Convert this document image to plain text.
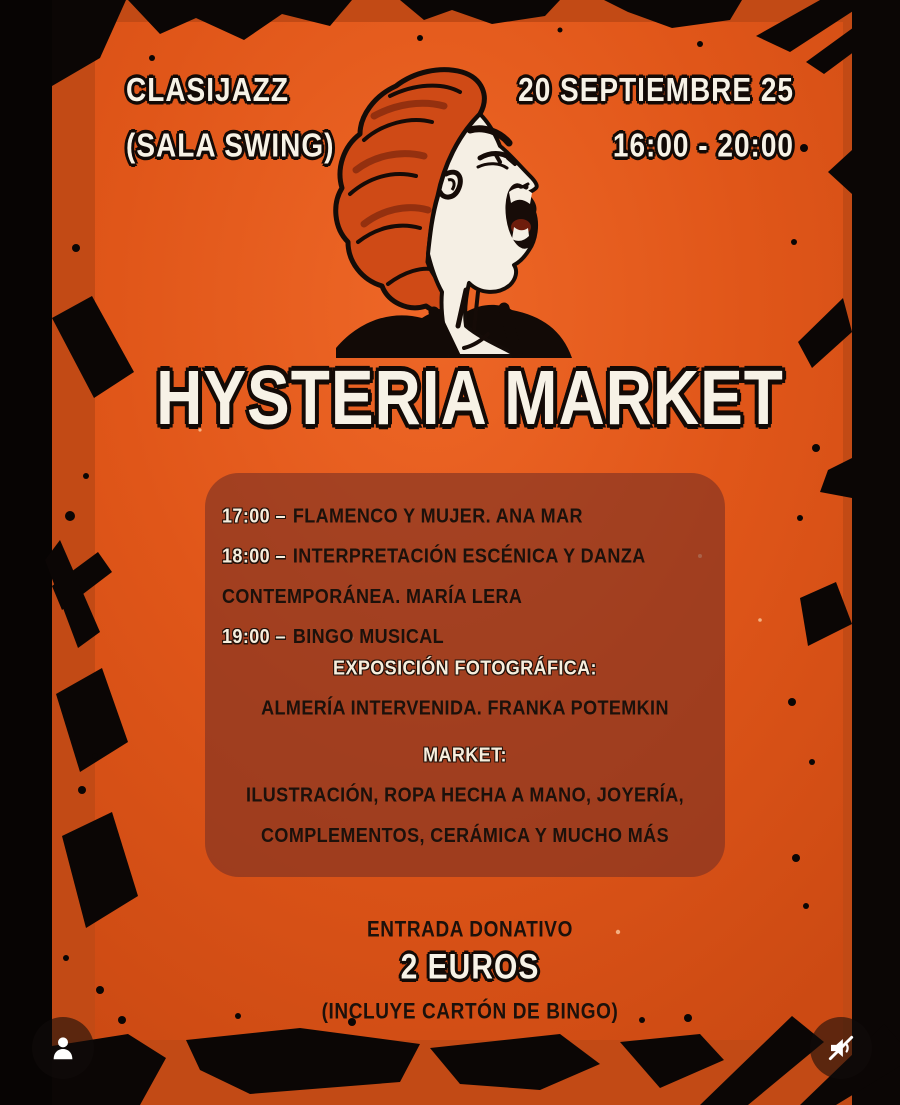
CLASIJAZZ
(SALA SWING)
20 SEPTIEMBRE 25
16:00 - 20:00
HYSTERIA MARKET
17:00 – FLAMENCO Y MUJER. ANA MAR
18:00 – INTERPRETACIÓN ESCÉNICA Y DANZA CONTEMPORÁNEA. MARÍA LERA
19:00 – BINGO MUSICAL
EXPOSICIÓN FOTOGRÁFICA:
ALMERÍA INTERVENIDA. FRANKA POTEMKIN
MARKET:
ILUSTRACIÓN, ROPA HECHA A MANO, JOYERÍA,
COMPLEMENTOS, CERÁMICA Y MUCHO MÁS
ENTRADA DONATIVO
2 EUROS
(INCLUYE CARTÓN DE BINGO)
